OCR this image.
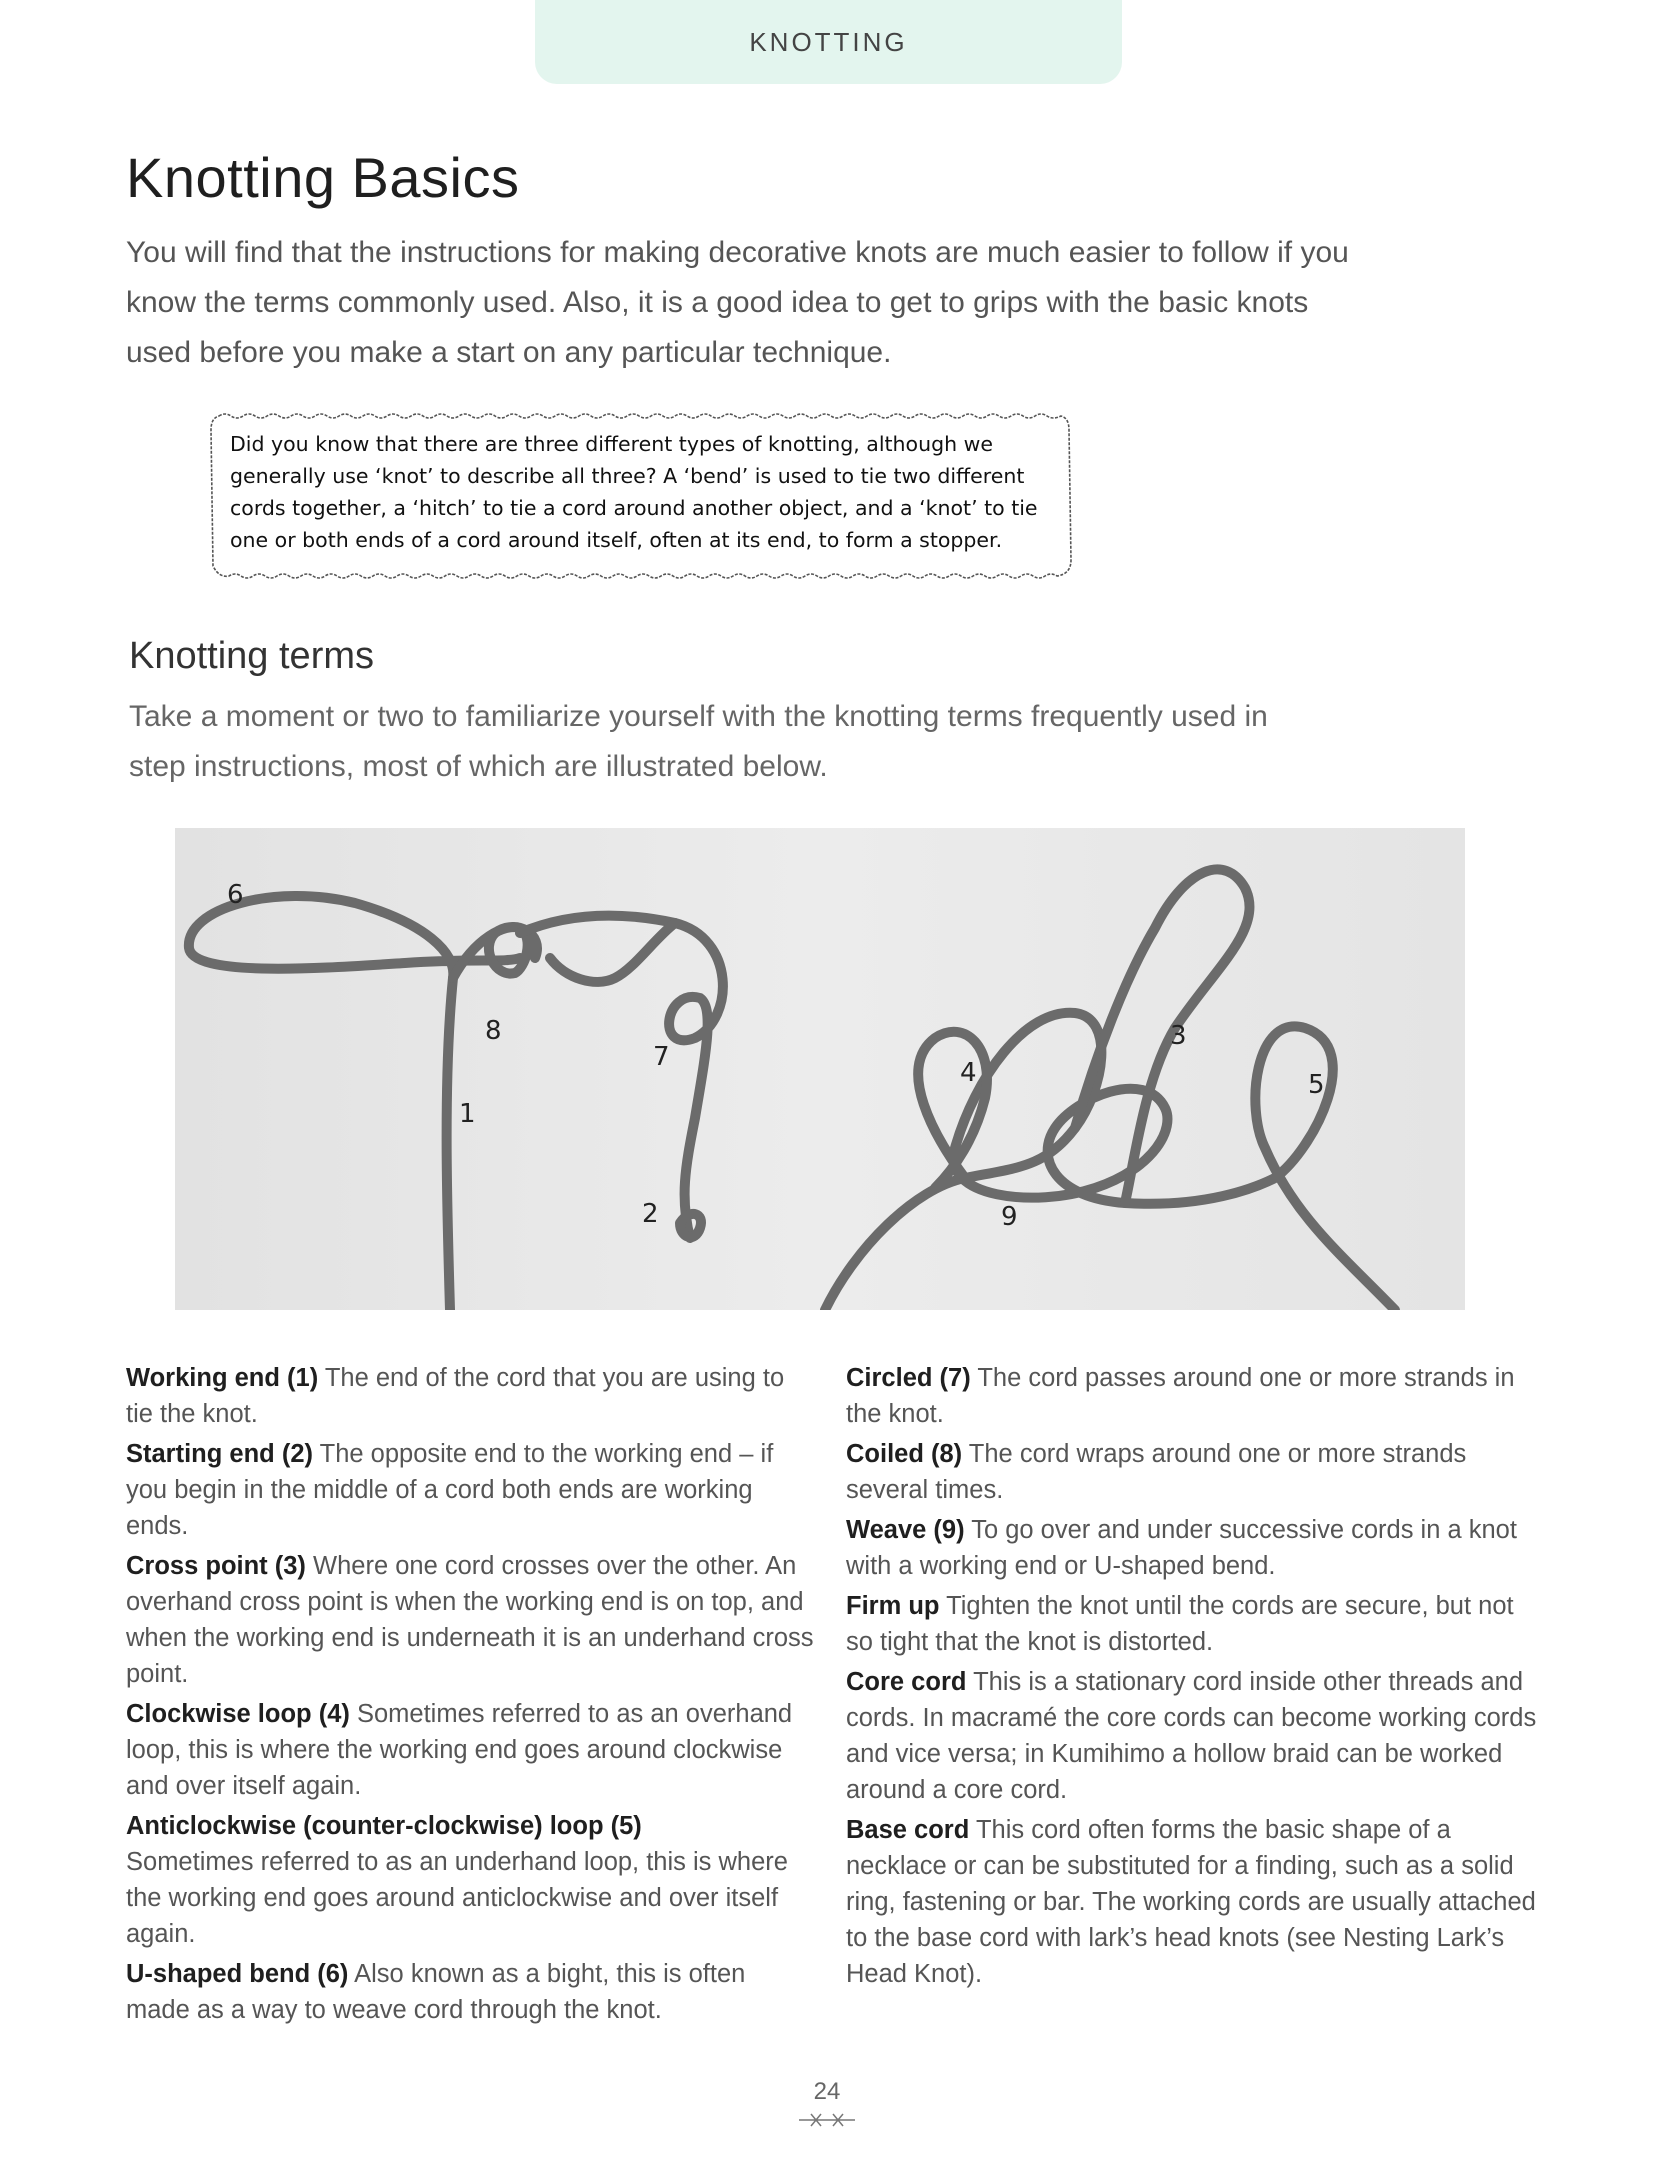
KNOTTING
Knotting Basics
You will find that the instructions for making decorative knots are much easier to follow if you know the terms commonly used. Also, it is a good idea to get to grips with the basic knots used before you make a start on any particular technique.
Did you know that there are three different types of knotting, although we generally use ‘knot’ to describe all three? A ‘bend’ is used to tie two different cords together, a ‘hitch’ to tie a cord around another object, and a ‘knot’ to tie one or both ends of a cord around itself, often at its end, to form a stopper.
Knotting terms
Take a moment or two to familiarize yourself with the knotting terms frequently used in step instructions, most of which are illustrated below.
6
8
7
1
2
4
3
5
9
Working end (1) The end of the cord that you are using to tie the knot.
Starting end (2) The opposite end to the working end – if you begin in the middle of a cord both ends are working ends.
Cross point (3) Where one cord crosses over the other. An overhand cross point is when the working end is on top, and when the working end is underneath it is an underhand cross point.
Clockwise loop (4) Sometimes referred to as an overhand loop, this is where the working end goes around clockwise and over itself again.
Anticlockwise (counter-clockwise) loop (5)
Sometimes referred to as an underhand loop, this is where the working end goes around anticlockwise and over itself again.
U-shaped bend (6) Also known as a bight, this is often made as a way to weave cord through the knot.
Circled (7) The cord passes around one or more strands in the knot.
Coiled (8) The cord wraps around one or more strands several times.
Weave (9) To go over and under successive cords in a knot with a working end or U-shaped bend.
Firm up Tighten the knot until the cords are secure, but not so tight that the knot is distorted.
Core cord This is a stationary cord inside other threads and cords. In macramé the core cords can become working cords and vice versa; in Kumihimo a hollow braid can be worked around a core cord.
Base cord This cord often forms the basic shape of a necklace or can be substituted for a finding, such as a solid ring, fastening or bar. The working cords are usually attached to the base cord with lark’s head knots (see Nesting Lark’s Head Knot).
24
